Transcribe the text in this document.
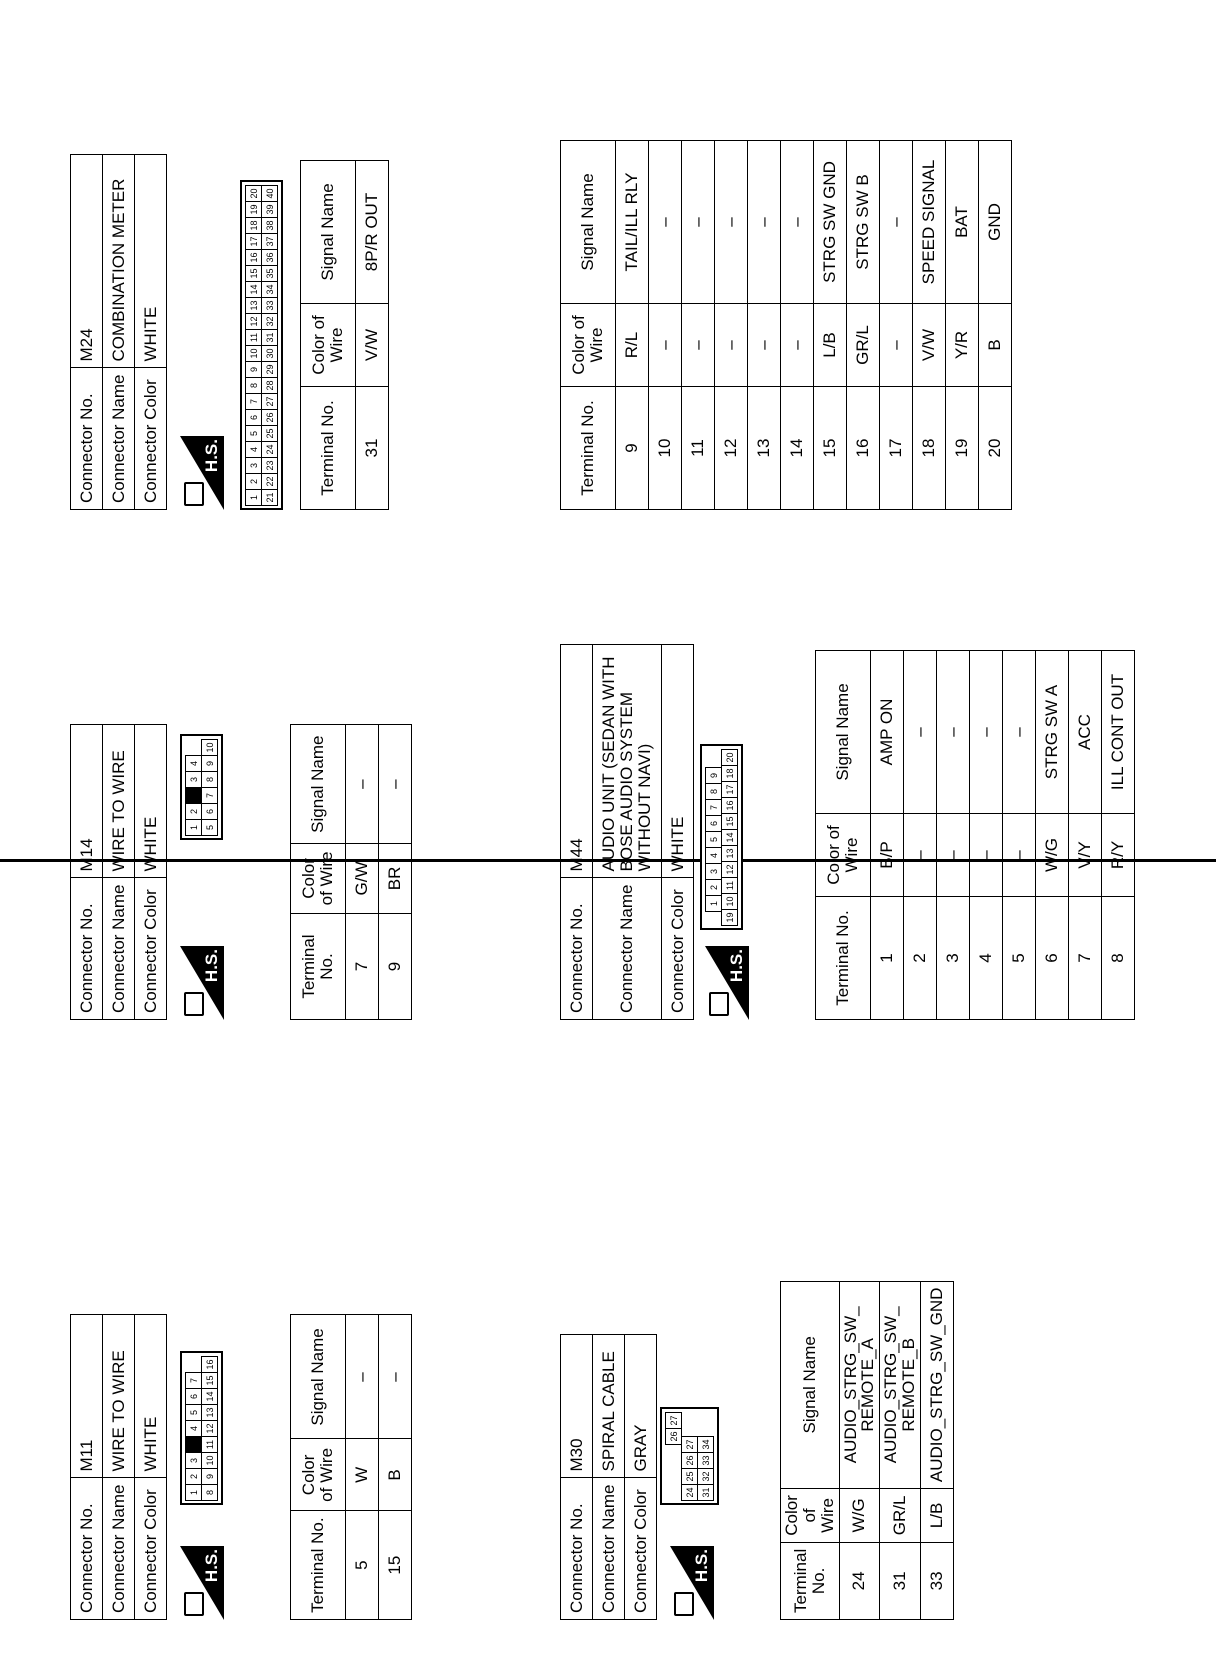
Connector No.	M11
Connector Name	WIRE TO WIRE
Connector Color	WHITE
H.S.
1
2
3
4
5
6
7
8
9
10
11
12
13
14
15
16
Terminal No.	Color of Wire	Signal Name
5	W	–
15	B	–
Connector No.	M14
Connector Name	WIRE TO WIRE
Connector Color	WHITE
H.S.
1
2
3
4
5
6
7
8
9
10
Terminal No.	Color of Wire	Signal Name
7	G/W	–
9	BR	–
Connector No.	M24
Connector Name	COMBINATION METER
Connector Color	WHITE
H.S.
1
2
3
4
5
6
7
8
9
10
11
12
13
14
15
16
17
18
19
20
21
22
23
24
25
26
27
28
29
30
31
32
33
34
35
36
37
38
39
40
Terminal No.	Color of Wire	Signal Name
31	V/W	8P/R OUT
Connector No.	M30
Connector Name	SPIRAL CABLE
Connector Color	GRAY
H.S.
26
27
24
25
26
27
31
32
33
34
Terminal No.	Color of Wire	Signal Name
24	W/G	AUDIO_STRG_SW_ REMOTE_A
31	GR/L	AUDIO_STRG_SW_ REMOTE_B
33	L/B	AUDIO_STRG_SW_GND
Connector No.	M44
Connector Name	AUDIO UNIT (SEDAN WITH BOSE AUDIO SYSTEM WITHOUT NAVI)
Connector Color	WHITE
H.S.
1
2
3
4
5
6
7
8
9
19
10
11
12
13
14
15
16
17
18
20
Terminal No.	Color of Wire	Signal Name
1	B/P	AMP ON
2	–	–
3	–	–
4	–	–
5	–	–
6	W/G	STRG SW A
7	V/Y	ACC
8	R/Y	ILL CONT OUT
Terminal No.	Color of Wire	Signal Name
9	R/L	TAIL/ILL RLY
10	–	–
11	–	–
12	–	–
13	–	–
14	–	–
15	L/B	STRG SW GND
16	GR/L	STRG SW B
17	–	–
18	V/W	SPEED SIGNAL
19	Y/R	BAT
20	B	GND
